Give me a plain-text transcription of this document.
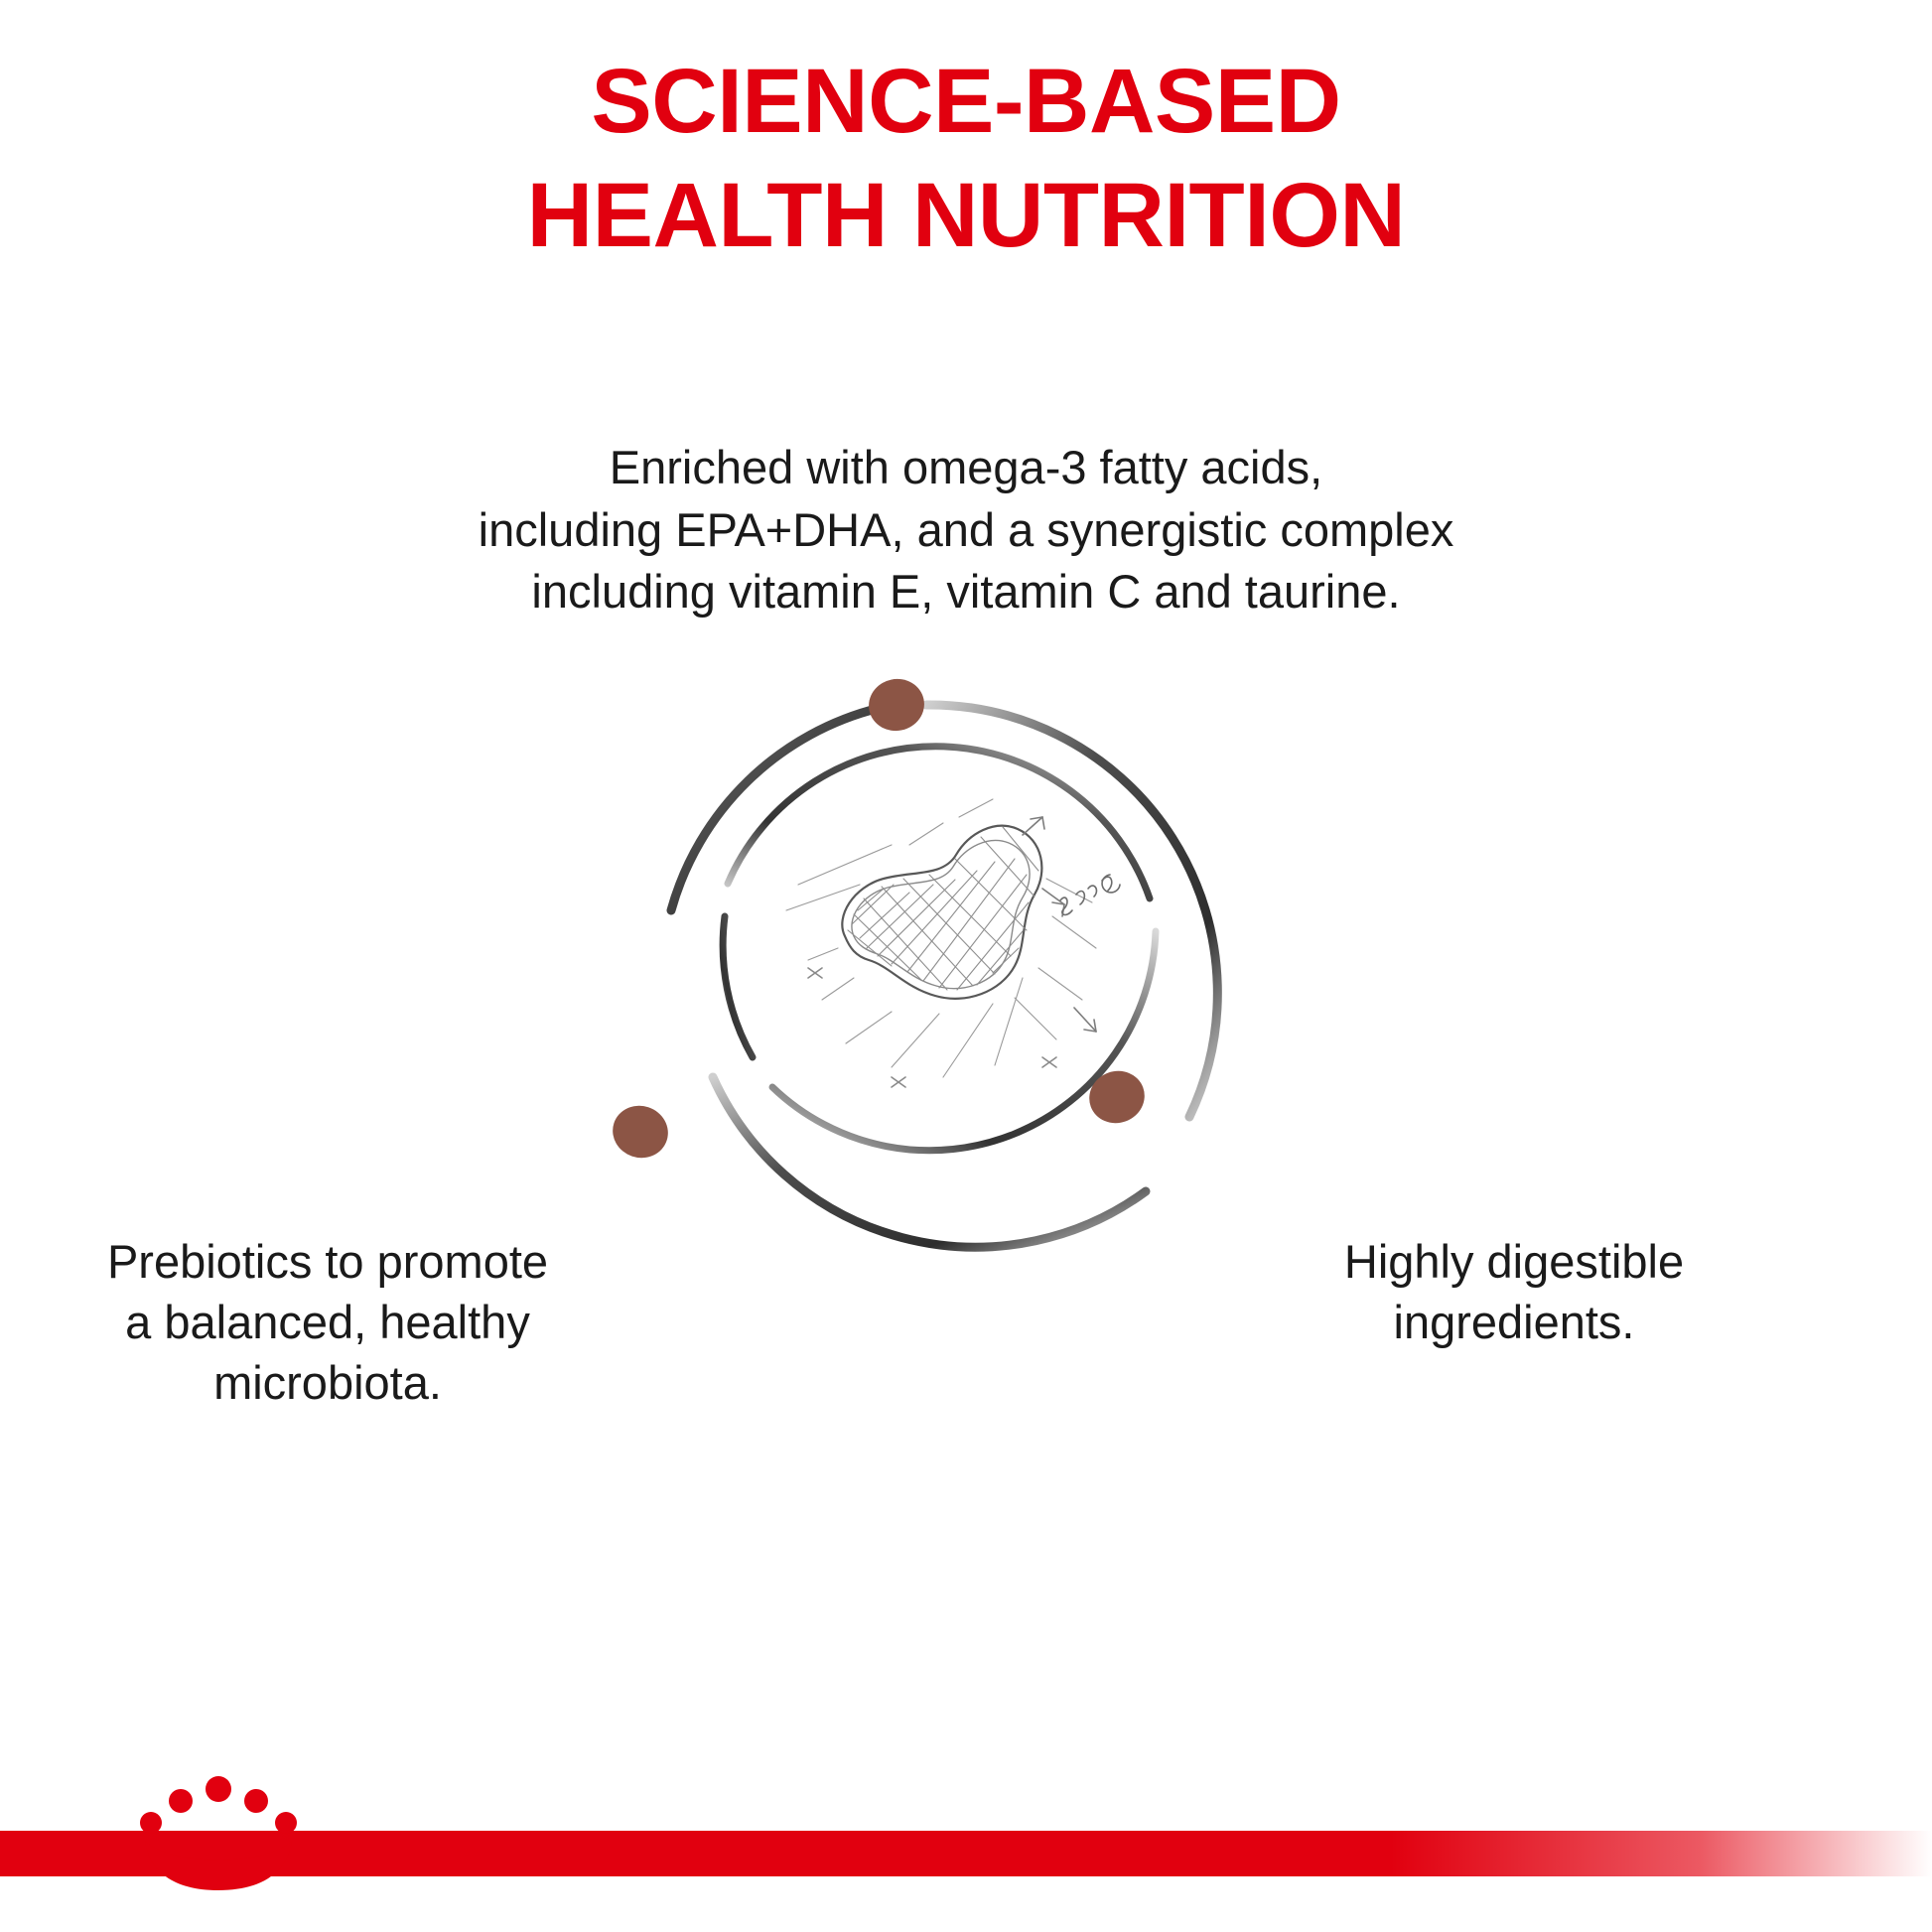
SCIENCE-BASED
HEALTH NUTRITION
Enriched with omega-3 fatty acids,
including EPA+DHA, and a synergistic complex
including vitamin E, vitamin C and taurine.
Prebiotics to promote a balanced, healthy microbiota.
Highly digestible ingredients.
